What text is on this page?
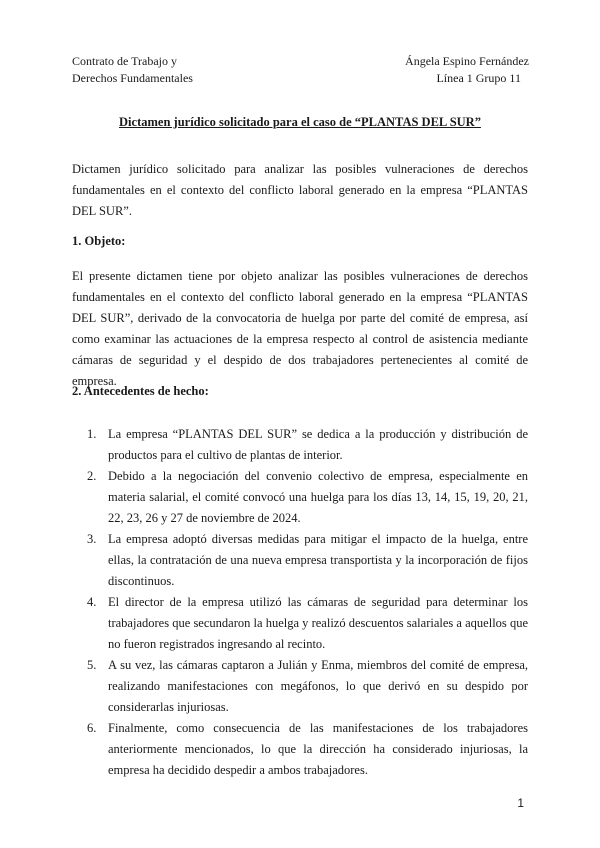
Contrato de Trabajo y
Derechos Fundamentales
Ángela Espino Fernández
Línea 1 Grupo 11
Dictamen jurídico solicitado para el caso de “PLANTAS DEL SUR”
Dictamen jurídico solicitado para analizar las posibles vulneraciones de derechos fundamentales en el contexto del conflicto laboral generado en la empresa “PLANTAS DEL SUR”.
1. Objeto:
El presente dictamen tiene por objeto analizar las posibles vulneraciones de derechos fundamentales en el contexto del conflicto laboral generado en la empresa “PLANTAS DEL SUR”, derivado de la convocatoria de huelga por parte del comité de empresa, así como examinar las actuaciones de la empresa respecto al control de asistencia mediante cámaras de seguridad y el despido de dos trabajadores pertenecientes al comité de empresa.
2. Antecedentes de hecho:
1. La empresa “PLANTAS DEL SUR” se dedica a la producción y distribución de productos para el cultivo de plantas de interior.
2. Debido a la negociación del convenio colectivo de empresa, especialmente en materia salarial, el comité convocó una huelga para los días 13, 14, 15, 19, 20, 21, 22, 23, 26 y 27 de noviembre de 2024.
3. La empresa adoptó diversas medidas para mitigar el impacto de la huelga, entre ellas, la contratación de una nueva empresa transportista y la incorporación de fijos discontinuos.
4. El director de la empresa utilizó las cámaras de seguridad para determinar los trabajadores que secundaron la huelga y realizó descuentos salariales a aquellos que no fueron registrados ingresando al recinto.
5. A su vez, las cámaras captaron a Julián y Enma, miembros del comité de empresa, realizando manifestaciones con megáfonos, lo que derivó en su despido por considerarlas injuriosas.
6. Finalmente, como consecuencia de las manifestaciones de los trabajadores anteriormente mencionados, lo que la dirección ha considerado injuriosas, la empresa ha decidido despedir a ambos trabajadores.
1
